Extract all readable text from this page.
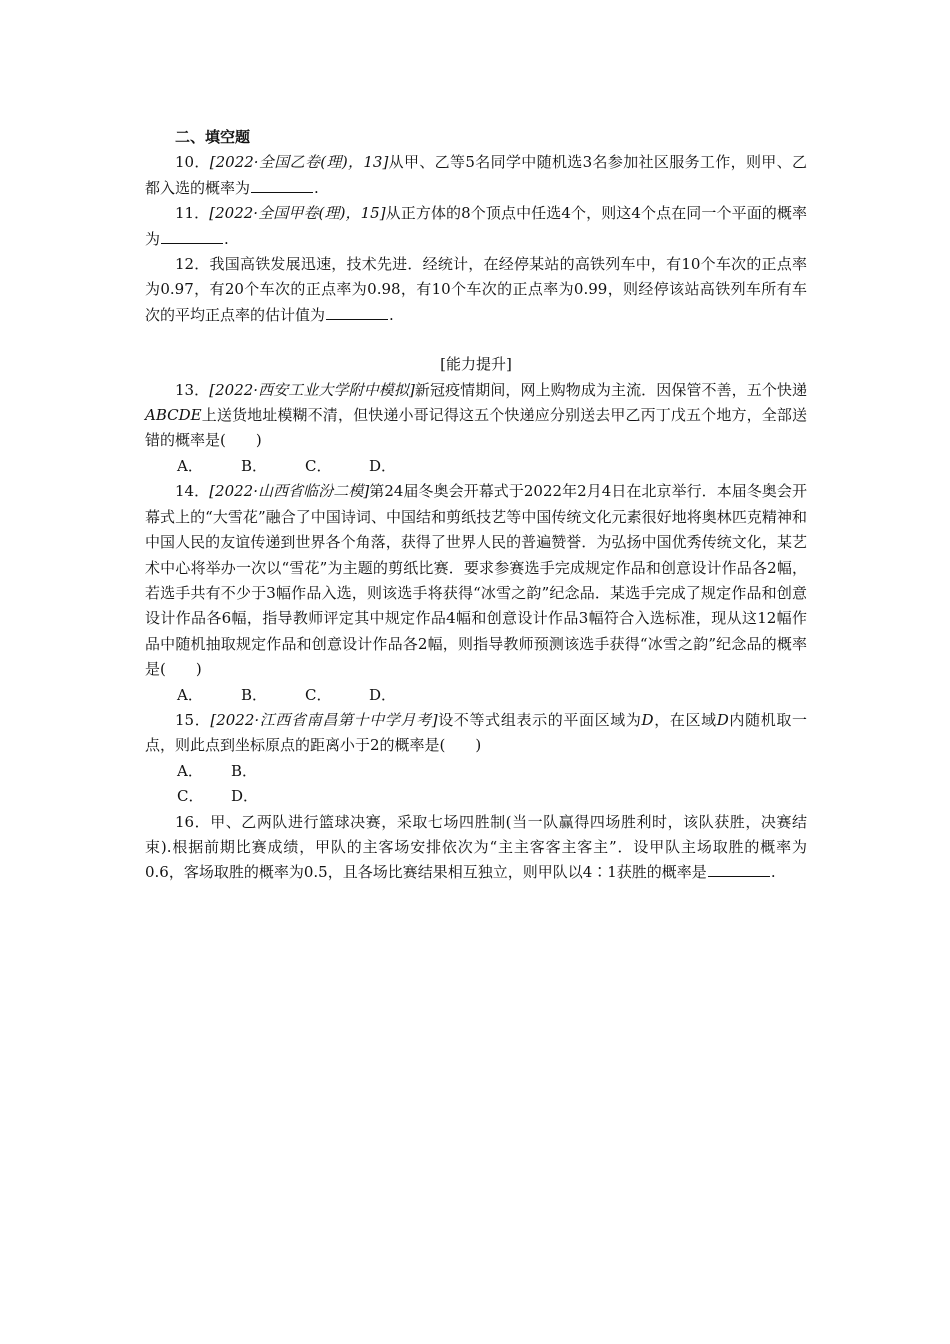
二、填空题
10．[2022·全国乙卷(理)，13]从甲、乙等5名同学中随机选3名参加社区服务工作，则甲、乙都入选的概率为	.
11．[2022·全国甲卷(理)，15]从正方体的8个顶点中任选4个，则这4个点在同一个平面的概率为	.
12．我国高铁发展迅速，技术先进．经统计，在经停某站的高铁列车中，有10个车次的正点率为0.97，有20个车次的正点率为0.98，有10个车次的正点率为0.99，则经停该站高铁列车所有车次的平均正点率的估计值为	.
[能力提升]
13．[2022·西安工业大学附中模拟]新冠疫情期间，网上购物成为主流．因保管不善，五个快递ABCDE上送货地址模糊不清，但快递小哥记得这五个快递应分别送去甲乙丙丁戊五个地方，全部送错的概率是(　　)
A．	B．	C．	D．
14．[2022·山西省临汾二模]第24届冬奥会开幕式于2022年2月4日在北京举行．本届冬奥会开幕式上的“大雪花”融合了中国诗词、中国结和剪纸技艺等中国传统文化元素很好地将奥林匹克精神和中国人民的友谊传递到世界各个角落，获得了世界人民的普遍赞誉．为弘扬中国优秀传统文化，某艺术中心将举办一次以“雪花”为主题的剪纸比赛．要求参赛选手完成规定作品和创意设计作品各2幅，若选手共有不少于3幅作品入选，则该选手将获得“冰雪之韵”纪念品．某选手完成了规定作品和创意设计作品各6幅，指导教师评定其中规定作品4幅和创意设计作品3幅符合入选标准，现从这12幅作品中随机抽取规定作品和创意设计作品各2幅，则指导教师预测该选手获得“冰雪之韵”纪念品的概率是(　　)
A．	B．	C．	D．
15．[2022·江西省南昌第十中学月考]设不等式组表示的平面区域为D，在区域D内随机取一点，则此点到坐标原点的距离小于2的概率是(　　)
A． B．
C． D．
16．甲、乙两队进行篮球决赛，采取七场四胜制(当一队赢得四场胜利时，该队获胜，决赛结束).根据前期比赛成绩，甲队的主客场安排依次为“主主客客主客主”．设甲队主场取胜的概率为0.6，客场取胜的概率为0.5，且各场比赛结果相互独立，则甲队以4∶1获胜的概率是	.
